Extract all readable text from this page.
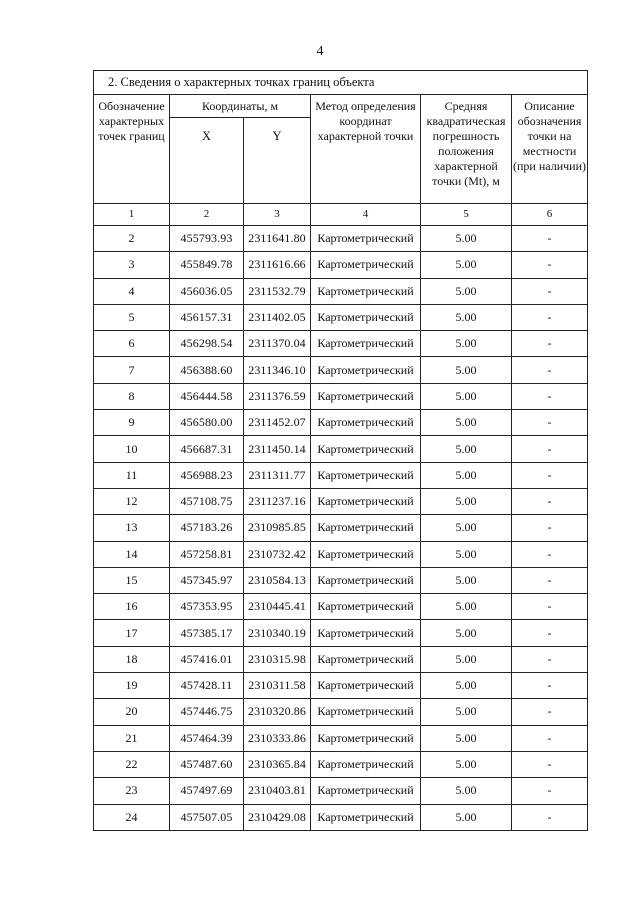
4
2. Сведения о характерных точках границ объекта					
Обозначение характерных точек границ	Координаты, м		Метод определения координат характерной точки	Средняя квадратическая погрешность положения характерной точки (Mt), м	Описание обозначения точки на местности (при наличии)
	X	Y			
1	2	3	4	5	6
2	455793.93	2311641.80	Картометрический	5.00	-
3	455849.78	2311616.66	Картометрический	5.00	-
4	456036.05	2311532.79	Картометрический	5.00	-
5	456157.31	2311402.05	Картометрический	5.00	-
6	456298.54	2311370.04	Картометрический	5.00	-
7	456388.60	2311346.10	Картометрический	5.00	-
8	456444.58	2311376.59	Картометрический	5.00	-
9	456580.00	2311452.07	Картометрический	5.00	-
10	456687.31	2311450.14	Картометрический	5.00	-
11	456988.23	2311311.77	Картометрический	5.00	-
12	457108.75	2311237.16	Картометрический	5.00	-
13	457183.26	2310985.85	Картометрический	5.00	-
14	457258.81	2310732.42	Картометрический	5.00	-
15	457345.97	2310584.13	Картометрический	5.00	-
16	457353.95	2310445.41	Картометрический	5.00	-
17	457385.17	2310340.19	Картометрический	5.00	-
18	457416.01	2310315.98	Картометрический	5.00	-
19	457428.11	2310311.58	Картометрический	5.00	-
20	457446.75	2310320.86	Картометрический	5.00	-
21	457464.39	2310333.86	Картометрический	5.00	-
22	457487.60	2310365.84	Картометрический	5.00	-
23	457497.69	2310403.81	Картометрический	5.00	-
24	457507.05	2310429.08	Картометрический	5.00	-
